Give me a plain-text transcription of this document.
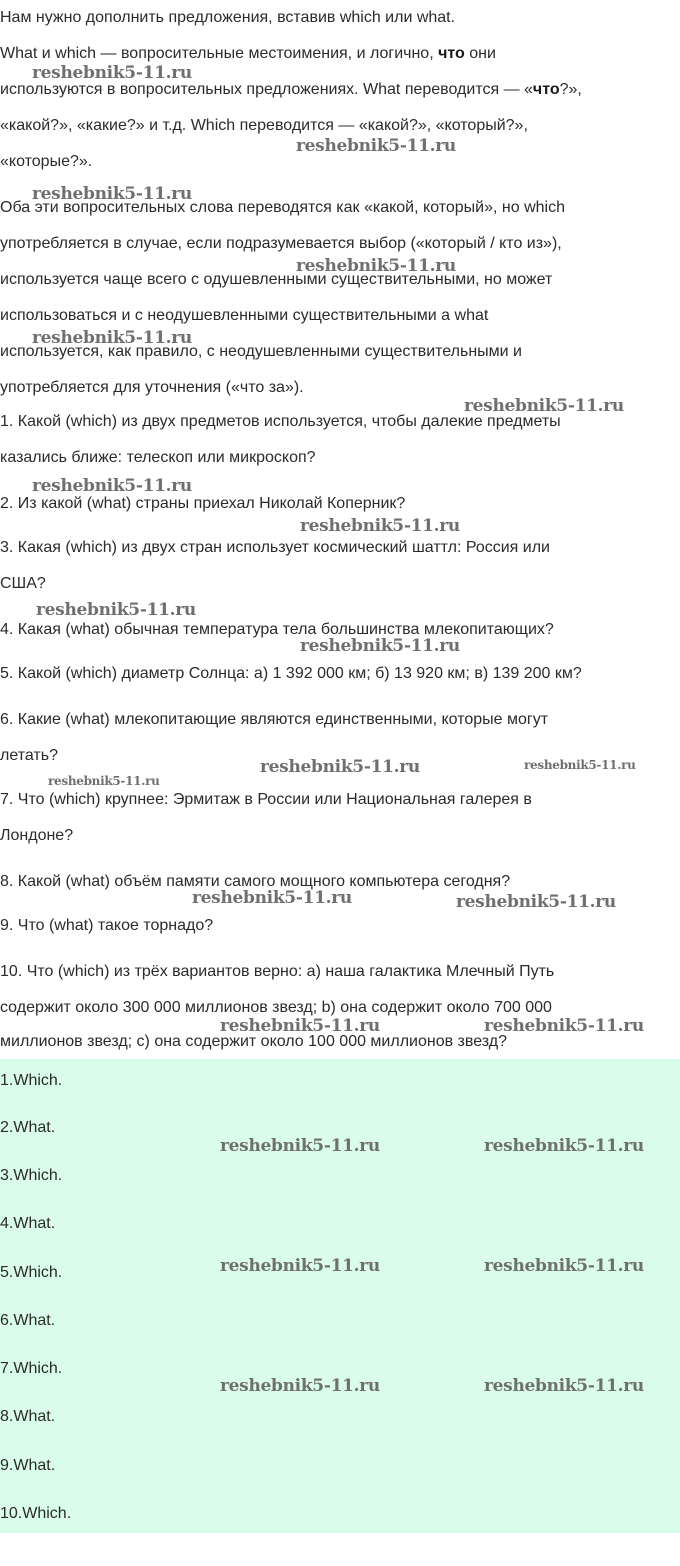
Нам нужно дополнить предложения, вставив which или what.
What и which — вопросительные местоимения, и логично, что они
используются в вопросительных предложениях. What переводится — «что?»,
«какой?», «какие?» и т.д. Which переводится — «какой?», «который?»,
«которые?».
Оба эти вопросительных слова переводятся как «какой, который», но which
употребляется в случае, если подразумевается выбор («который / кто из»),
используется чаще всего с одушевленными существительными, но может
использоваться и с неодушевленными существительными а what
используется, как правило, с неодушевленными существительными и
употребляется для уточнения («что за»).
1. Какой (which) из двух предметов используется, чтобы далекие предметы
казались ближе: телескоп или микроскоп?
2. Из какой (what) страны приехал Николай Коперник?
3. Какая (which) из двух стран использует космический шаттл: Россия или
США?
4. Какая (what) обычная температура тела большинства млекопитающих?
5. Какой (which) диаметр Солнца: а) 1 392 000 км; б) 13 920 км; в) 139 200 км?
6. Какие (what) млекопитающие являются единственными, которые могут
летать?
7. Что (which) крупнее: Эрмитаж в России или Национальная галерея в
Лондоне?
8. Какой (what) объём памяти самого мощного компьютера сегодня?
9. Что (what) такое торнадо?
10. Что (which) из трёх вариантов верно: а) наша галактика Млечный Путь
содержит около 300 000 миллионов звезд; b) она содержит около 700 000
миллионов звезд; c) она содержит около 100 000 миллионов звезд?
reshebnik5-11.ru
reshebnik5-11.ru
reshebnik5-11.ru
reshebnik5-11.ru
reshebnik5-11.ru
reshebnik5-11.ru
reshebnik5-11.ru
reshebnik5-11.ru
reshebnik5-11.ru
reshebnik5-11.ru
reshebnik5-11.ru	reshebnik5-11.ru
reshebnik5-11.ru
reshebnik5-11.ru	reshebnik5-11.ru
reshebnik5-11.ru	reshebnik5-11.ru
1.Which.
2.What.
3.Which.
4.What.
5.Which.
6.What.
7.Which.
8.What.
9.What.
10.Which.
reshebnik5-11.ru	reshebnik5-11.ru
reshebnik5-11.ru	reshebnik5-11.ru
reshebnik5-11.ru	reshebnik5-11.ru
